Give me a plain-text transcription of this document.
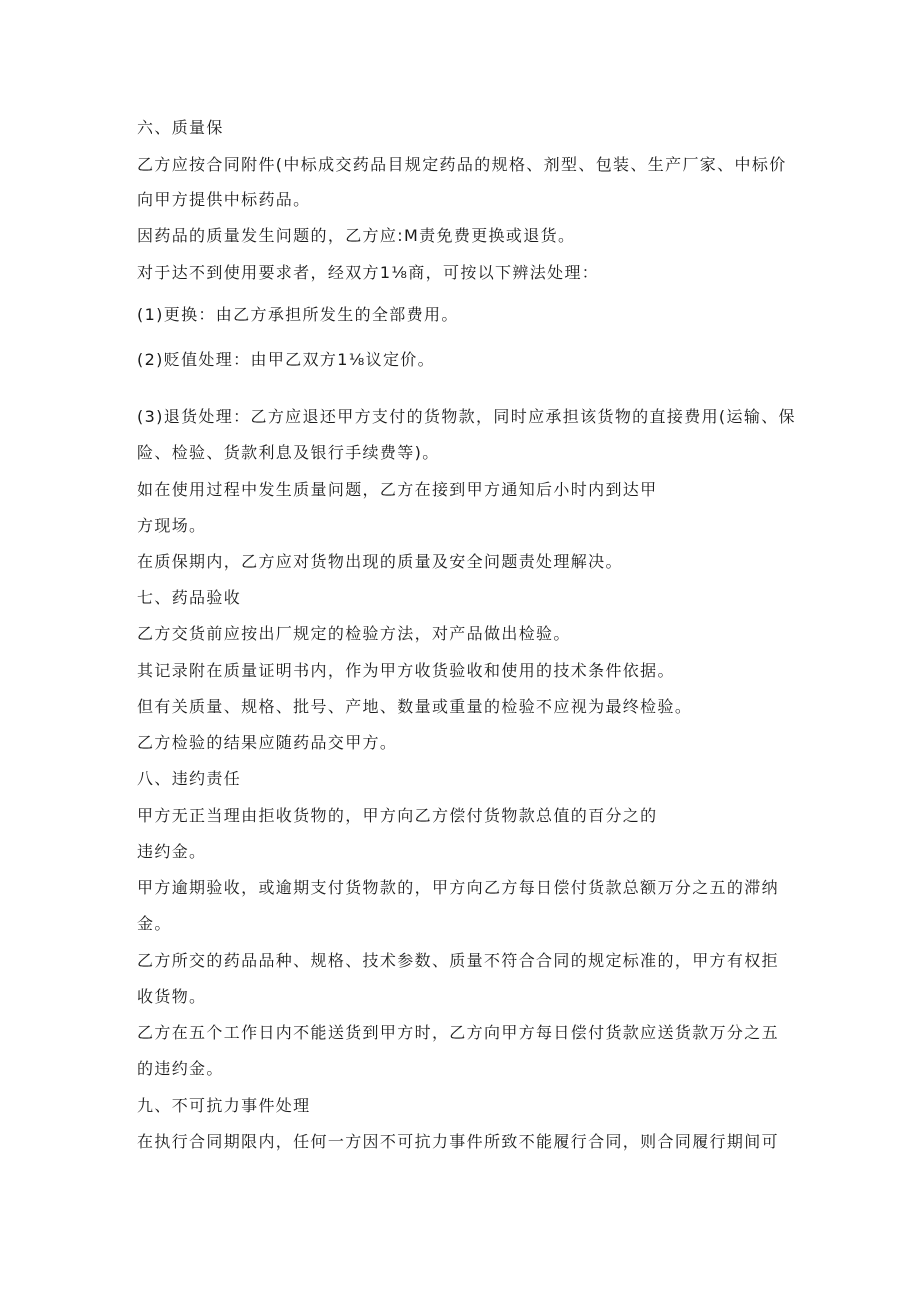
六、质量保
乙方应按合同附件(中标成交药品目规定药品的规格、剂型、包装、生产厂家、中标价
向甲方提供中标药品。
因药品的质量发生问题的，乙方应:M责免费更换或退货。
对于达不到使用要求者，经双方1⅛商，可按以下辨法处理：
(1)更换：由乙方承担所发生的全部费用。
(2)贬值处理：由甲乙双方1⅛议定价。
(3)退货处理：乙方应退还甲方支付的货物款，同时应承担该货物的直接费用(运输、保
险、检验、货款利息及银行手续费等)。
如在使用过程中发生质量问题，乙方在接到甲方通知后小时内到达甲
方现场。
在质保期内，乙方应对货物出现的质量及安全问题责处理解决。
七、药品验收
乙方交货前应按出厂规定的检验方法，对产品做出检验。
其记录附在质量证明书内，作为甲方收货验收和使用的技术条件依据。
但有关质量、规格、批号、产地、数量或重量的检验不应视为最终检验。
乙方检验的结果应随药品交甲方。
八、违约责任
甲方无正当理由拒收货物的，甲方向乙方偿付货物款总值的百分之的
违约金。
甲方逾期验收，或逾期支付货物款的，甲方向乙方每日偿付货款总额万分之五的滞纳
金。
乙方所交的药品品种、规格、技术参数、质量不符合合同的规定标准的，甲方有权拒
收货物。
乙方在五个工作日内不能送货到甲方时，乙方向甲方每日偿付货款应送货款万分之五
的违约金。
九、不可抗力事件处理
在执行合同期限内，任何一方因不可抗力事件所致不能履行合同，则合同履行期间可
